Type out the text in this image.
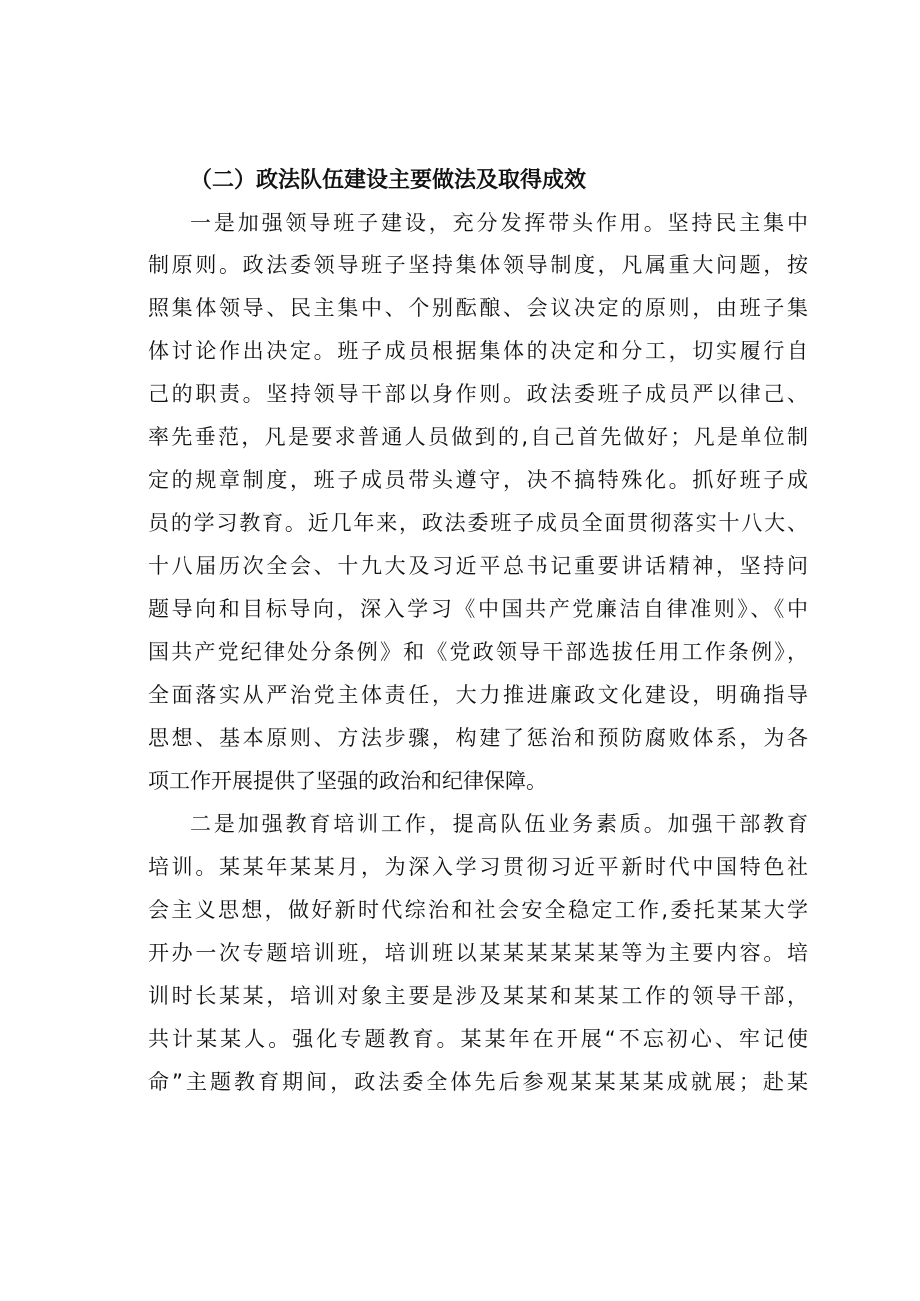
（二）政法队伍建设主要做法及取得成效
一是加强领导班子建设，充分发挥带头作用。坚持民主集中
制原则。政法委领导班子坚持集体领导制度，凡属重大问题，按
照集体领导、民主集中、个别酝酿、会议决定的原则，由班子集
体讨论作出决定。班子成员根据集体的决定和分工，切实履行自
己的职责。坚持领导干部以身作则。政法委班子成员严以律己、
率先垂范，凡是要求普通人员做到的,自己首先做好；凡是单位制
定的规章制度，班子成员带头遵守，决不搞特殊化。抓好班子成
员的学习教育。近几年来，政法委班子成员全面贯彻落实十八大、
十八届历次全会、十九大及习近平总书记重要讲话精神，坚持问
题导向和目标导向，深入学习《中国共产党廉洁自律准则》、《中
国共产党纪律处分条例》和《党政领导干部选拔任用工作条例》，
全面落实从严治党主体责任，大力推进廉政文化建设，明确指导
思想、基本原则、方法步骤，构建了惩治和预防腐败体系，为各
项工作开展提供了坚强的政治和纪律保障。
二是加强教育培训工作，提高队伍业务素质。加强干部教育
培训。某某年某某月，为深入学习贯彻习近平新时代中国特色社
会主义思想，做好新时代综治和社会安全稳定工作,委托某某大学
开办一次专题培训班，培训班以某某某某某某等为主要内容。培
训时长某某，培训对象主要是涉及某某和某某工作的领导干部，
共计某某人。强化专题教育。某某年在开展“不忘初心、牢记使
命”主题教育期间，政法委全体先后参观某某某某成就展；赴某
